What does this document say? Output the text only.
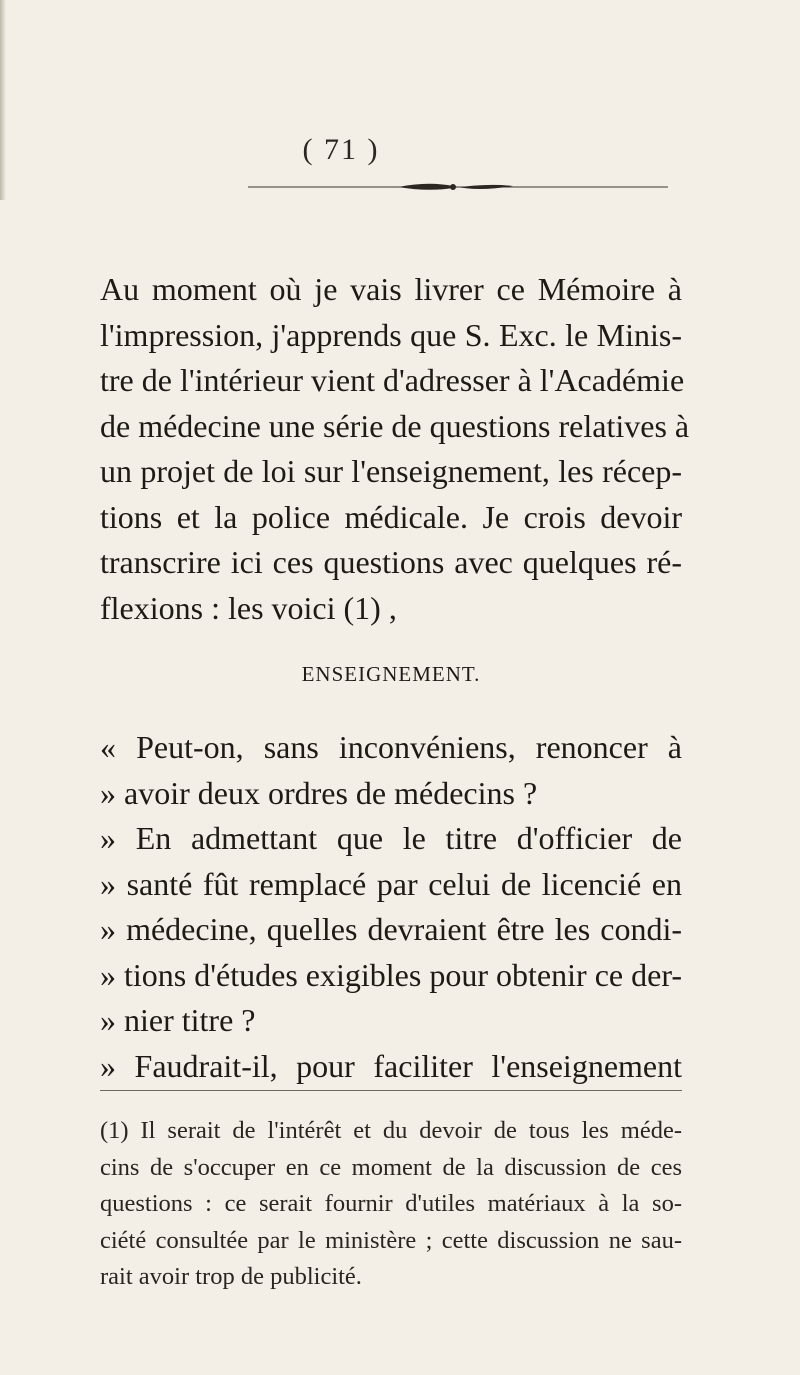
( 71 )

Au moment où je vais livrer ce Mémoire à
l'impression, j'apprends que S. Exc. le Minis-
tre de l'intérieur vient d'adresser à l'Académie
de médecine une série de questions relatives à
un projet de loi sur l'enseignement, les récep-
tions et la police médicale. Je crois devoir
transcrire ici ces questions avec quelques ré-
flexions : les voici (1) ,

ENSEIGNEMENT.

« Peut-on, sans inconvéniens, renoncer à
» avoir deux ordres de médecins ?
» En admettant que le titre d'officier de
» santé fût remplacé par celui de licencié en
» médecine, quelles devraient être les condi-
» tions d'études exigibles pour obtenir ce der-
» nier titre ?
» Faudrait-il, pour faciliter l'enseignement

(1) Il serait de l'intérêt et du devoir de tous les méde-
cins de s'occuper en ce moment de la discussion de ces
questions : ce serait fournir d'utiles matériaux à la so-
ciété consultée par le ministère ; cette discussion ne sau-
rait avoir trop de publicité.
